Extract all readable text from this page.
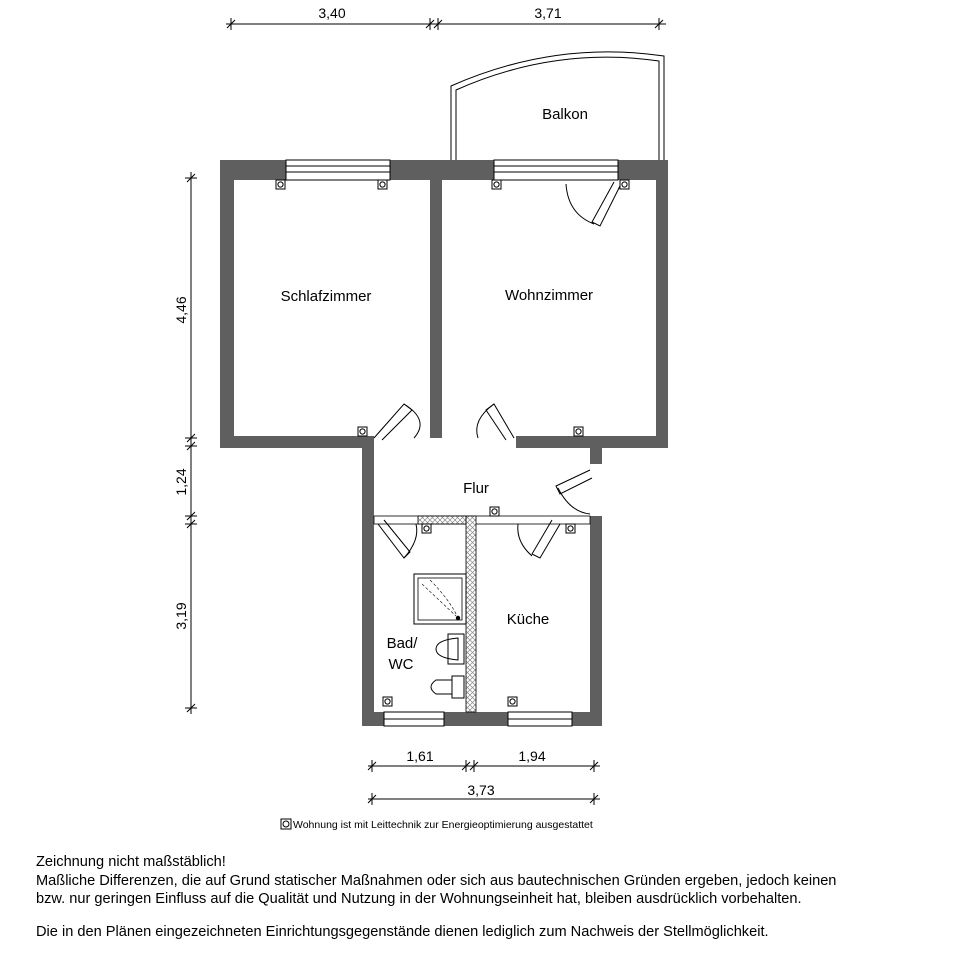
Balkon
Schlafzimmer	Wohnzimmer
Flur
Küche
Bad/
WC
3,40	3,71
4,46
1,24
3,19
1,61	1,94
3,73
Wohnung ist mit Leittechnik zur Energieoptimierung ausgestattet

Zeichnung nicht maßstäblich!

Maßliche Differenzen, die auf Grund statischer Maßnahmen oder sich aus bautechnischen Gründen ergeben, jedoch keinen

bzw. nur geringen Einfluss auf die Qualität und Nutzung in der Wohnungseinheit hat, bleiben ausdrücklich vorbehalten.

Die in den Plänen eingezeichneten Einrichtungsgegenstände dienen lediglich zum Nachweis der Stellmöglichkeit.
